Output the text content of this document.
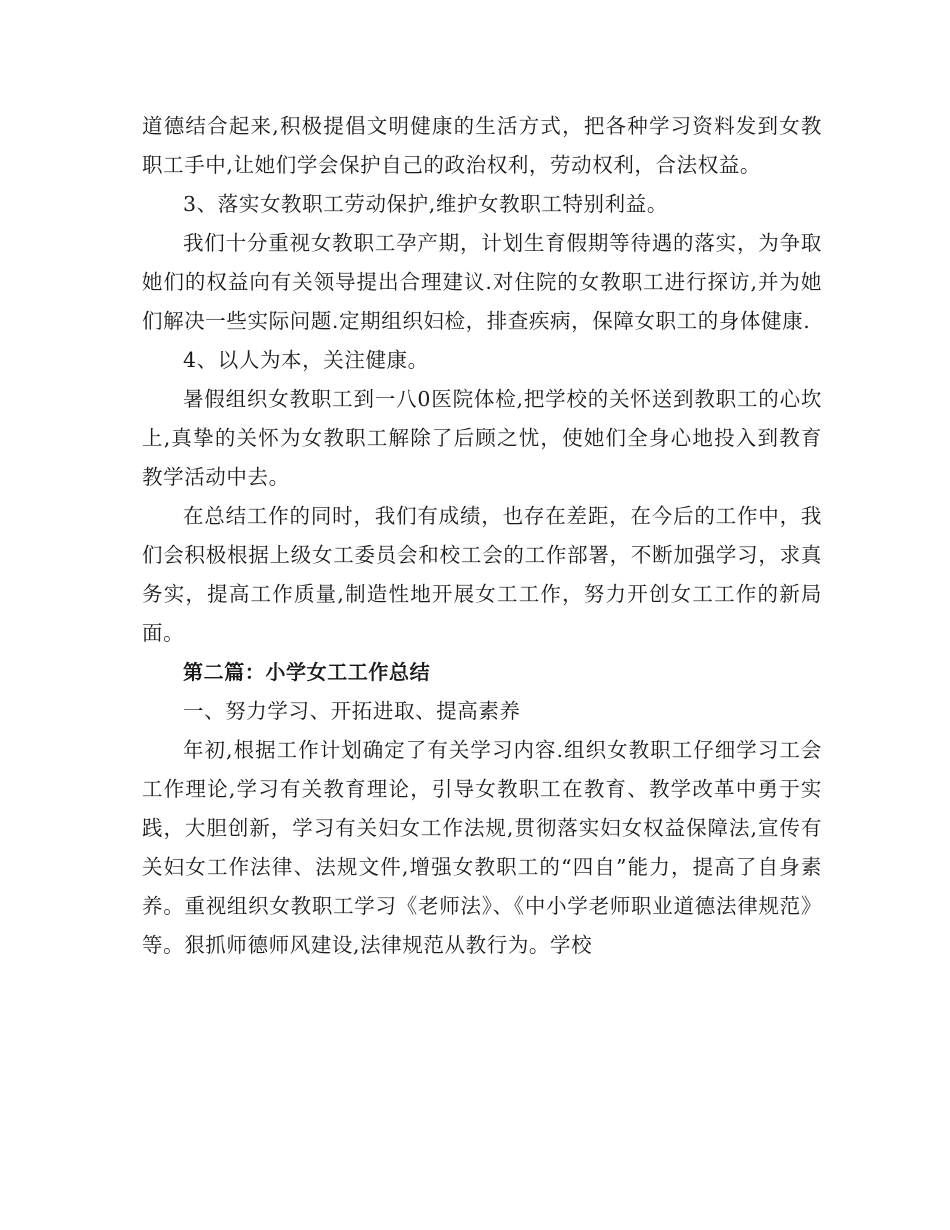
道德结合起来,积极提倡文明健康的生活方式，把各种学习资料发到女教职工手中,让她们学会保护自己的政治权利，劳动权利，合法权益。

3、落实女教职工劳动保护,维护女教职工特别利益。

我们十分重视女教职工孕产期，计划生育假期等待遇的落实，为争取她们的权益向有关领导提出合理建议.对住院的女教职工进行探访,并为她们解决一些实际问题.定期组织妇检，排查疾病，保障女职工的身体健康.

4、以人为本，关注健康。

暑假组织女教职工到一八0医院体检,把学校的关怀送到教职工的心坎上,真挚的关怀为女教职工解除了后顾之忧，使她们全身心地投入到教育教学活动中去。

在总结工作的同时，我们有成绩，也存在差距，在今后的工作中，我们会积极根据上级女工委员会和校工会的工作部署，不断加强学习，求真务实，提高工作质量,制造性地开展女工工作，努力开创女工工作的新局面。

第二篇：小学女工工作总结

一、努力学习、开拓进取、提高素养

年初,根据工作计划确定了有关学习内容.组织女教职工仔细学习工会工作理论,学习有关教育理论，引导女教职工在教育、教学改革中勇于实践，大胆创新，学习有关妇女工作法规,贯彻落实妇女权益保障法,宣传有关妇女工作法律、法规文件,增强女教职工的“四自”能力，提高了自身素养。重视组织女教职工学习《老师法》、《中小学老师职业道德法律规范》等。狠抓师德师风建设,法律规范从教行为。学校
